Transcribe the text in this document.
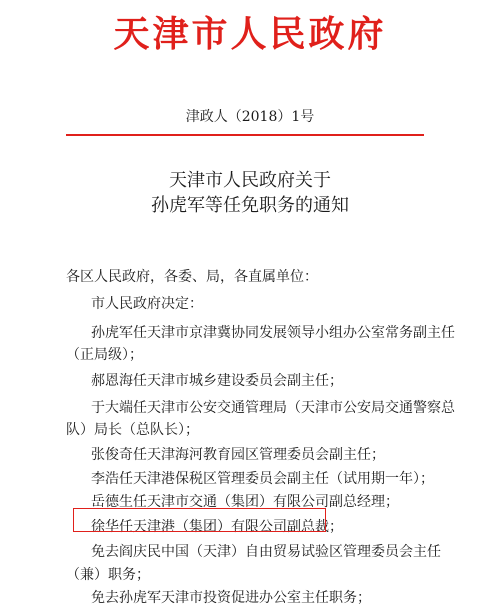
天津市人民政府
津政人（2018）1号
天津市人民政府关于
孙虎军等任免职务的通知
各区人民政府，各委、局，各直属单位：
市人民政府决定：
孙虎军任天津市京津冀协同发展领导小组办公室常务副主任
（正局级）；
郝恩海任天津市城乡建设委员会副主任；
于大端任天津市公安交通管理局（天津市公安局交通警察总
队）局长（总队长）；
张俊奇任天津海河教育园区管理委员会副主任；
李浩任天津港保税区管理委员会副主任（试用期一年）；
岳德生任天津市交通（集团）有限公司副总经理；
徐华任天津港（集团）有限公司副总裁；
免去阎庆民中国（天津）自由贸易试验区管理委员会主任
（兼）职务；
免去孙虎军天津市投资促进办公室主任职务；
